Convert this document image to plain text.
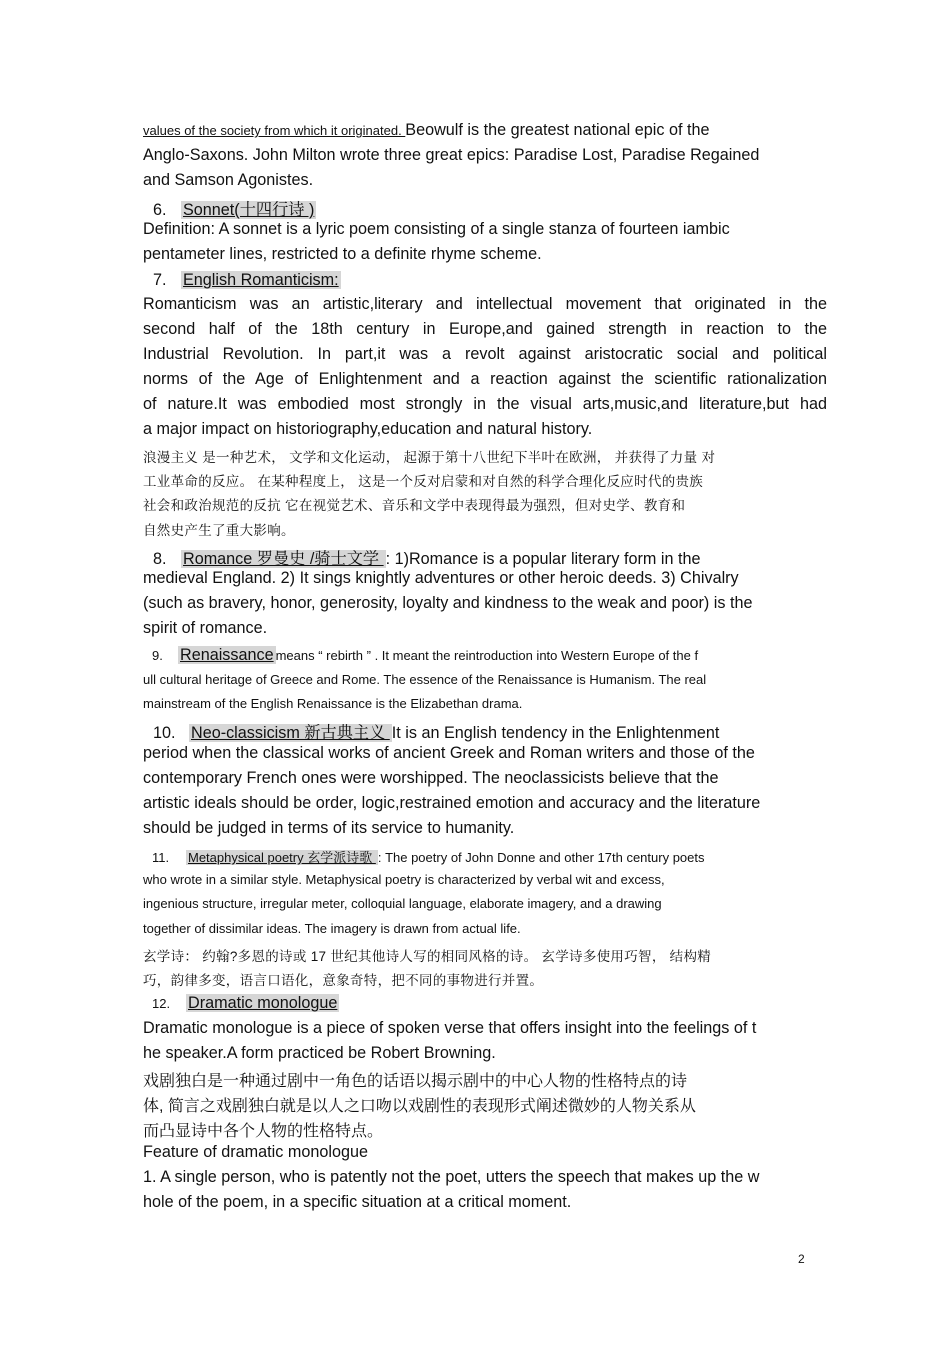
values of the society from which it originated. Beowulf is the greatest national epic of the
Anglo-Saxons. John Milton wrote three great epics: Paradise Lost, Paradise Regained
and Samson Agonistes.
6. Sonnet(十四行诗 )
Definition: A sonnet is a lyric poem consisting of a single stanza of fourteen iambic
pentameter lines, restricted to a definite rhyme scheme.
7. English Romanticism:
Romanticism was an artistic,literary and intellectual movement that originated in the
second half of the 18th century in Europe,and gained strength in reaction to the
Industrial Revolution. In part,it was a revolt against aristocratic social and political
norms of the Age of Enlightenment and a reaction against the scientific rationalization
of nature.It was embodied most strongly in the visual arts,music,and literature,but had
a major impact on historiography,education and natural history.
浪漫主义 是一种艺术， 文学和文化运动， 起源于第十八世纪下半叶在欧洲， 并获得了力量 对
工业革命的反应。 在某种程度上， 这是一个反对启蒙和对自然的科学合理化反应时代的贵族
社会和政治规范的反抗 它在视觉艺术、音乐和文学中表现得最为强烈，但对史学、教育和
自然史产生了重大影响。
8. Romance 罗曼史 /骑士文学 : 1)Romance is a popular literary form in the
medieval England. 2) It sings knightly adventures or other heroic deeds. 3) Chivalry
(such as bravery, honor, generosity, loyalty and kindness to the weak and poor) is the
spirit of romance.
9. Renaissance means “ rebirth ” . It meant the reintroduction into Western Europe of the f
ull cultural heritage of Greece and Rome. The essence of the Renaissance is Humanism. The real
mainstream of the English Renaissance is the Elizabethan drama.
10. Neo-classicism 新古典主义 It is an English tendency in the Enlightenment
period when the classical works of ancient Greek and Roman writers and those of the
contemporary French ones were worshipped. The neoclassicists believe that the
artistic ideals should be order, logic,restrained emotion and accuracy and the literature
should be judged in terms of its service to humanity.
11. Metaphysical poetry 玄学派诗歌 : The poetry of John Donne and other 17th century poets
who wrote in a similar style. Metaphysical poetry is characterized by verbal wit and excess,
ingenious structure, irregular meter, colloquial language, elaborate imagery, and a drawing
together of dissimilar ideas. The imagery is drawn from actual life.
玄学诗： 约翰?多恩的诗或 17 世纪其他诗人写的相同风格的诗。 玄学诗多使用巧智， 结构精
巧，韵律多变，语言口语化，意象奇特，把不同的事物进行并置。
12. Dramatic monologue
Dramatic monologue is a piece of spoken verse that offers insight into the feelings of t
he speaker.A form practiced be Robert Browning.
戏剧独白是一种通过剧中一角色的话语以揭示剧中的中心人物的性格特点的诗
体, 简言之戏剧独白就是以人之口吻以戏剧性的表现形式阐述微妙的人物关系从
而凸显诗中各个人物的性格特点。
Feature of dramatic monologue
1. A single person, who is patently not the poet, utters the speech that makes up the w
hole of the poem, in a specific situation at a critical moment.
2
